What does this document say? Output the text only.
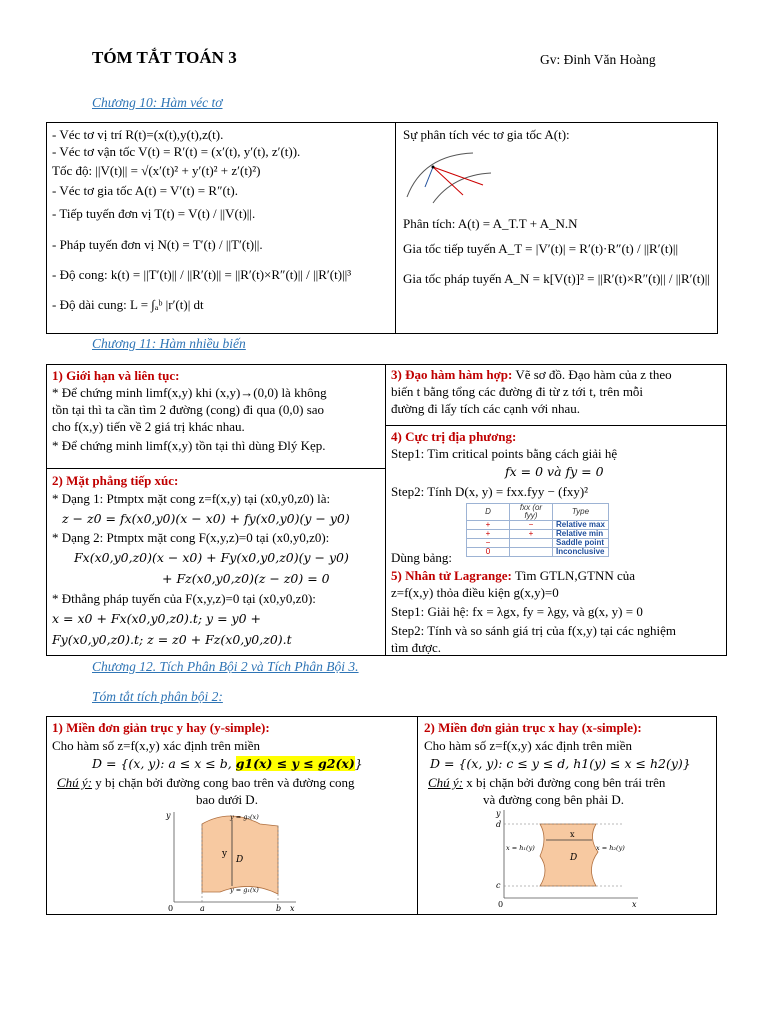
TÓM TẮT TOÁN 3	Gv: Đinh Văn Hoàng
Chương 10: Hàm véc tơ
- Véc tơ vị trí R(t)=(x(t),y(t),z(t).
- Véc tơ vận tốc V(t) = R′(t) = (x′(t), y′(t), z′(t)).
Tốc độ: ||V(t)|| = √(x′(t)² + y′(t)² + z′(t)²)
- Véc tơ gia tốc A(t) = V′(t) = R″(t).
- Tiếp tuyến đơn vị T(t) = V(t) / ||V(t)||.
- Pháp tuyến đơn vị N(t) = T′(t) / ||T′(t)||.
- Độ cong: k(t) = ||T′(t)|| / ||R′(t)|| = ||R′(t)×R″(t)|| / ||R′(t)||³
- Độ dài cung: L = ∫ₐᵇ |r′(t)| dt
Sự phân tích véc tơ gia tốc A(t):
Phân tích: A(t) = A_T.T + A_N.N
Gia tốc tiếp tuyến A_T = |V′(t)| = R′(t)·R″(t) / ||R′(t)||
Gia tốc pháp tuyến A_N = k[V(t)]² = ||R′(t)×R″(t)|| / ||R′(t)||
Chương 11: Hàm nhiều biến
1) Giới hạn và liên tục:
* Để chứng minh limf(x,y) khi (x,y)→(0,0) là không
tồn tại thì ta cần tìm 2 đường (cong) đi qua (0,0) sao
cho f(x,y) tiến về 2 giá trị khác nhau.
* Để chứng minh limf(x,y) tồn tại thì dùng Đlý Kẹp.
2) Mặt phẳng tiếp xúc:
* Dạng 1: Ptmptx mặt cong z=f(x,y) tại (x0,y0,z0) là:
z − z0 = fx(x0,y0)(x − x0) + fy(x0,y0)(y − y0)
* Dạng 2: Ptmptx mặt cong F(x,y,z)=0 tại (x0,y0,z0):
Fx(x0,y0,z0)(x − x0) + Fy(x0,y0,z0)(y − y0)
+ Fz(x0,y0,z0)(z − z0) = 0
* Đthẳng pháp tuyến của F(x,y,z)=0 tại (x0,y0,z0):
x = x0 + Fx(x0,y0,z0).t; y = y0 +
Fy(x0,y0,z0).t; z = z0 + Fz(x0,y0,z0).t
3) Đạo hàm hàm hợp: Vẽ sơ đồ. Đạo hàm của z theo
biến t bằng tổng các đường đi từ z tới t, trên mỗi
đường đi lấy tích các cạnh với nhau.
4) Cực trị địa phương:
Step1: Tìm critical points bằng cách giải hệ
fx = 0 và fy = 0
Step2: Tính D(x, y) = fxx.fyy − (fxy)²
D	fxx (or fyy)	Type
+	−	Relative max
+	+	Relative min
−		Saddle point
0		Inconclusive
Dùng bảng:
5) Nhân tử Lagrange: Tìm GTLN,GTNN của
z=f(x,y) thỏa điều kiện g(x,y)=0
Step1: Giải hệ: fx = λgx, fy = λgy, và g(x, y) = 0
Step2: Tính và so sánh giá trị của f(x,y) tại các nghiệm
tìm được.
Chương 12. Tích Phân Bội 2 và Tích Phân Bội 3.
Tóm tắt tích phân bội 2:
1) Miền đơn giản trục y hay (y-simple):
Cho hàm số z=f(x,y) xác định trên miền
D = {(x, y): a ≤ x ≤ b, g1(x) ≤ y ≤ g2(x)}
Chú ý: y bị chặn bởi đường cong bao trên và đường cong
bao dưới D.
2) Miền đơn giản trục x hay (x-simple):
Cho hàm số z=f(x,y) xác định trên miền
D = {(x, y): c ≤ y ≤ d, h1(y) ≤ x ≤ h2(y)}
Chú ý: x bị chặn bởi đường cong bên trái trên
và đường cong bên phải D.
y
x
0	a	b
y = g₂(x)
y = g₁(x)
D
y
y
x
0
c
d
x = h₁(y)	x = h₂(y)
D
x
